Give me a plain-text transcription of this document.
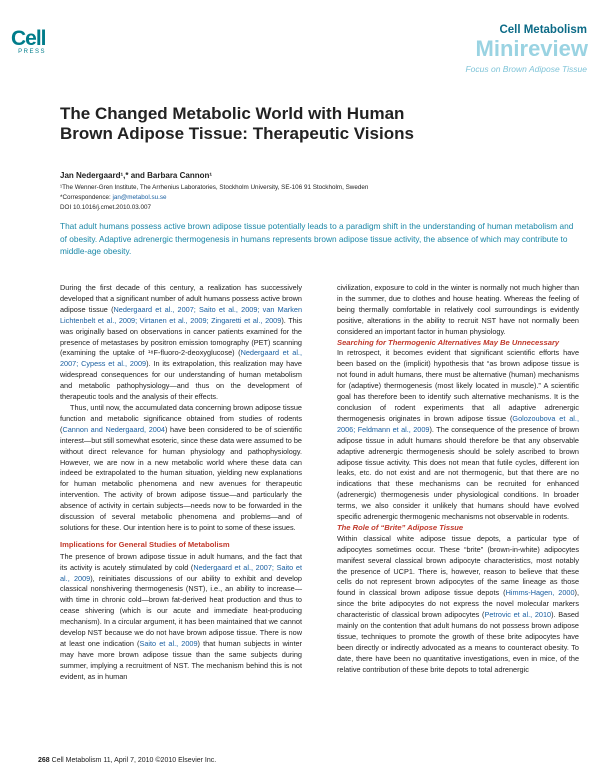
Cell
PRESS
Cell Metabolism
Minireview
Focus on Brown Adipose Tissue
The Changed Metabolic World with Human Brown Adipose Tissue: Therapeutic Visions
Jan Nedergaard¹,* and Barbara Cannon¹
¹The Wenner-Gren Institute, The Arrhenius Laboratories, Stockholm University, SE-106 91 Stockholm, Sweden
*Correspondence: jan@metabol.su.se
DOI 10.1016/j.cmet.2010.03.007

That adult humans possess active brown adipose tissue potentially leads to a paradigm shift in the understanding of human metabolism and of obesity. Adaptive adrenergic thermogenesis in humans represents brown adipose tissue activity, the absence of which may contribute to middle-age obesity.

During the first decade of this century, a realization has successively developed that a significant number of adult humans possess active brown adipose tissue (Nedergaard et al., 2007; Saito et al., 2009; van Marken Lichtenbelt et al., 2009; Virtanen et al., 2009; Zingaretti et al., 2009). This was originally based on observations in cancer patients examined for the presence of metastases by positron emission tomography (PET) scanning (examining the uptake of ¹⁸F-fluoro-2-deoxyglucose) (Nedergaard et al., 2007; Cypess et al., 2009). In its extrapolation, this realization may have widespread consequences for our understanding of human metabolism and metabolic pathophysiology—and thus on the development of therapeutic tools and the analysis of their effects.

Thus, until now, the accumulated data concerning brown adipose tissue function and metabolic significance obtained from studies of rodents (Cannon and Nedergaard, 2004) have been considered to be of scientific interest—but still somewhat esoteric, since these data were assumed to be without direct relevance for human physiology and pathophysiology. However, we are now in a new metabolic world where these data can indeed be extrapolated to the human situation, yielding new explanations for human metabolic phenomena and new avenues for therapeutic intervention. The activity of brown adipose tissue—and particularly the absence of activity in certain subjects—needs now to be forwarded in the discussion of several metabolic phenomena and problems—and of solutions for these. Our intention here is to point to some of these issues.

Implications for General Studies of Metabolism

The presence of brown adipose tissue in adult humans, and the fact that its activity is acutely stimulated by cold (Nedergaard et al., 2007; Saito et al., 2009), reinitiates discussions of our ability to exhibit and develop classical nonshivering thermogenesis (NST), i.e., an ability to increase—with time in chronic cold—brown fat-derived heat production and thus to cease shivering (which is our acute and immediate heat-producing mechanism). In a circular argument, it has been maintained that we cannot develop NST because we do not have brown adipose tissue. There is now at least one indication (Saito et al., 2009) that human subjects in winter may have more brown adipose tissue than the same subjects during summer, implying a recruitment of NST. The mechanism behind this is not evident, as in human

civilization, exposure to cold in the winter is normally not much higher than in the summer, due to clothes and house heating. Whereas the feeling of being thermally comfortable in relatively cool surroundings is evidently positive, alterations in the ability to recruit NST have not normally been considered an important factor in human physiology.

Searching for Thermogenic Alternatives May Be Unnecessary

In retrospect, it becomes evident that significant scientific efforts have been based on the (implicit) hypothesis that “as brown adipose tissue is not found in adult humans, there must be alternative (human) mechanisms for (adaptive) thermogenesis (most likely located in muscle).” A scientific goal has therefore been to identify such alternative mechanisms. It is the conclusion of rodent experiments that all adaptive adrenergic thermogenesis originates in brown adipose tissue (Golozoubova et al., 2006; Feldmann et al., 2009). The consequence of the presence of brown adipose tissue in adult humans should therefore be that any observable adaptive adrenergic thermogenesis should be solely ascribed to brown adipose tissue activity. This does not mean that futile cycles, different ion leaks, etc. do not exist and are not thermogenic, but that there are no indications that these mechanisms can be recruited for enhanced (adrenergic) thermogenesis under physiological conditions. In broader terms, we also consider it unlikely that humans should have evolved specific adrenergic thermogenic mechanisms not observable in rodents.

The Role of “Brite” Adipose Tissue

Within classical white adipose tissue depots, a particular type of adipocytes sometimes occur. These “brite” (brown-in-white) adipocytes manifest several classical brown adipocyte characteristics, most notably the presence of UCP1. There is, however, reason to believe that these cells do not represent brown adipocytes of the same lineage as those found in classical brown adipose tissue depots (Himms-Hagen, 2000), since the brite adipocytes do not express the novel molecular markers characteristic of classical brown adipocytes (Petrovic et al., 2010). Based mainly on the contention that adult humans do not possess brown adipose tissue, techniques to promote the growth of these brite adipocytes have been directly or indirectly advocated as a means to counteract obesity. To date, there have been no quantitative investigations, even in mice, of the relative contribution of these brite depots to total adrenergic

268 Cell Metabolism 11, April 7, 2010 ©2010 Elsevier Inc.
